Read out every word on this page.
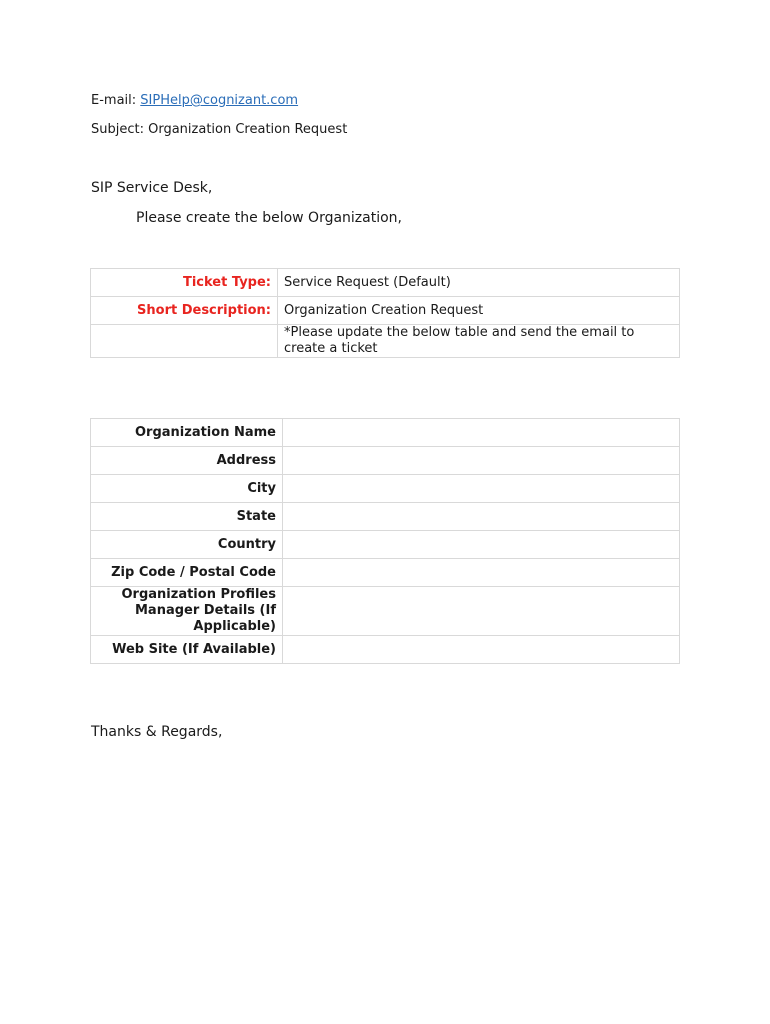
E-mail: SIPHelp@cognizant.com
Subject: Organization Creation Request
SIP Service Desk,
Please create the below Organization,
Ticket Type:	Service Request (Default)
Short Description:	Organization Creation Request
	*Please update the below table and send the email to create a ticket
Organization Name	
Address	
City	
State	
Country	
Zip Code / Postal Code	
Organization Profiles Manager Details (If Applicable)	
Web Site (If Available)	
Thanks & Regards,
